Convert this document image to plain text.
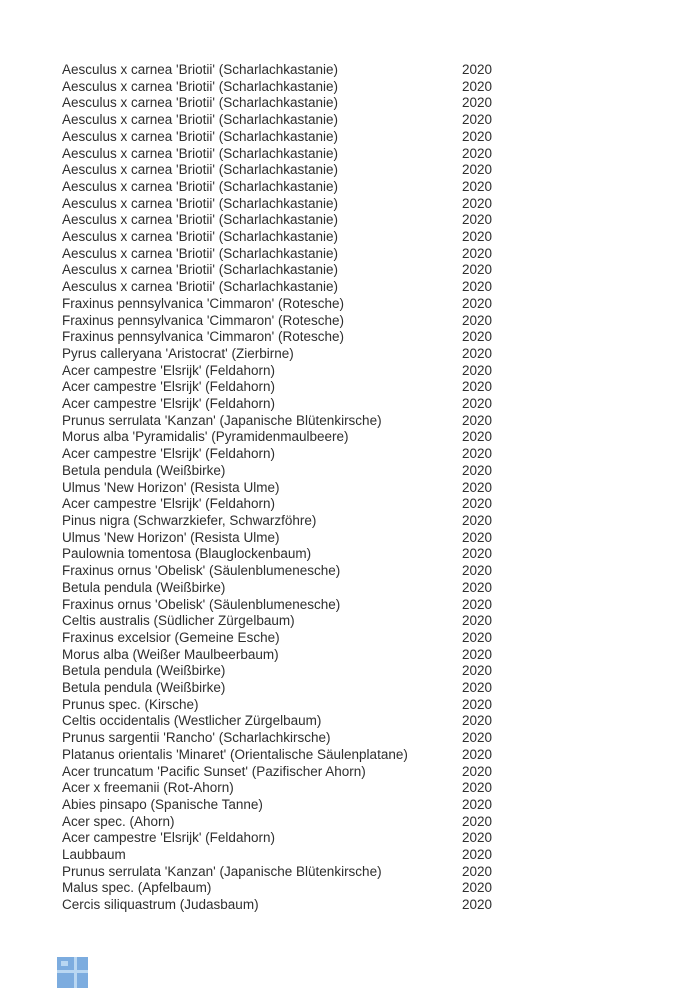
Aesculus x carnea 'Briotii' (Scharlachkastanie)	2020
Aesculus x carnea 'Briotii' (Scharlachkastanie)	2020
Aesculus x carnea 'Briotii' (Scharlachkastanie)	2020
Aesculus x carnea 'Briotii' (Scharlachkastanie)	2020
Aesculus x carnea 'Briotii' (Scharlachkastanie)	2020
Aesculus x carnea 'Briotii' (Scharlachkastanie)	2020
Aesculus x carnea 'Briotii' (Scharlachkastanie)	2020
Aesculus x carnea 'Briotii' (Scharlachkastanie)	2020
Aesculus x carnea 'Briotii' (Scharlachkastanie)	2020
Aesculus x carnea 'Briotii' (Scharlachkastanie)	2020
Aesculus x carnea 'Briotii' (Scharlachkastanie)	2020
Aesculus x carnea 'Briotii' (Scharlachkastanie)	2020
Aesculus x carnea 'Briotii' (Scharlachkastanie)	2020
Aesculus x carnea 'Briotii' (Scharlachkastanie)	2020
Fraxinus pennsylvanica 'Cimmaron' (Rotesche)	2020
Fraxinus pennsylvanica 'Cimmaron' (Rotesche)	2020
Fraxinus pennsylvanica 'Cimmaron' (Rotesche)	2020
Pyrus calleryana 'Aristocrat' (Zierbirne)	2020
Acer campestre 'Elsrijk' (Feldahorn)	2020
Acer campestre 'Elsrijk' (Feldahorn)	2020
Acer campestre 'Elsrijk' (Feldahorn)	2020
Prunus serrulata 'Kanzan' (Japanische Blütenkirsche)	2020
Morus alba 'Pyramidalis' (Pyramidenmaulbeere)	2020
Acer campestre 'Elsrijk' (Feldahorn)	2020
Betula pendula (Weißbirke)	2020
Ulmus 'New Horizon' (Resista Ulme)	2020
Acer campestre 'Elsrijk' (Feldahorn)	2020
Pinus nigra (Schwarzkiefer, Schwarzföhre)	2020
Ulmus 'New Horizon' (Resista Ulme)	2020
Paulownia tomentosa (Blauglockenbaum)	2020
Fraxinus ornus 'Obelisk' (Säulenblumenesche)	2020
Betula pendula (Weißbirke)	2020
Fraxinus ornus 'Obelisk' (Säulenblumenesche)	2020
Celtis australis (Südlicher Zürgelbaum)	2020
Fraxinus excelsior (Gemeine Esche)	2020
Morus alba (Weißer Maulbeerbaum)	2020
Betula pendula (Weißbirke)	2020
Betula pendula (Weißbirke)	2020
Prunus spec. (Kirsche)	2020
Celtis occidentalis (Westlicher Zürgelbaum)	2020
Prunus sargentii 'Rancho' (Scharlachkirsche)	2020
Platanus orientalis 'Minaret' (Orientalische Säulenplatane)	2020
Acer truncatum 'Pacific Sunset' (Pazifischer Ahorn)	2020
Acer x freemanii (Rot-Ahorn)	2020
Abies pinsapo (Spanische Tanne)	2020
Acer spec. (Ahorn)	2020
Acer campestre 'Elsrijk' (Feldahorn)	2020
Laubbaum	2020
Prunus serrulata 'Kanzan' (Japanische Blütenkirsche)	2020
Malus spec. (Apfelbaum)	2020
Cercis siliquastrum (Judasbaum)	2020
